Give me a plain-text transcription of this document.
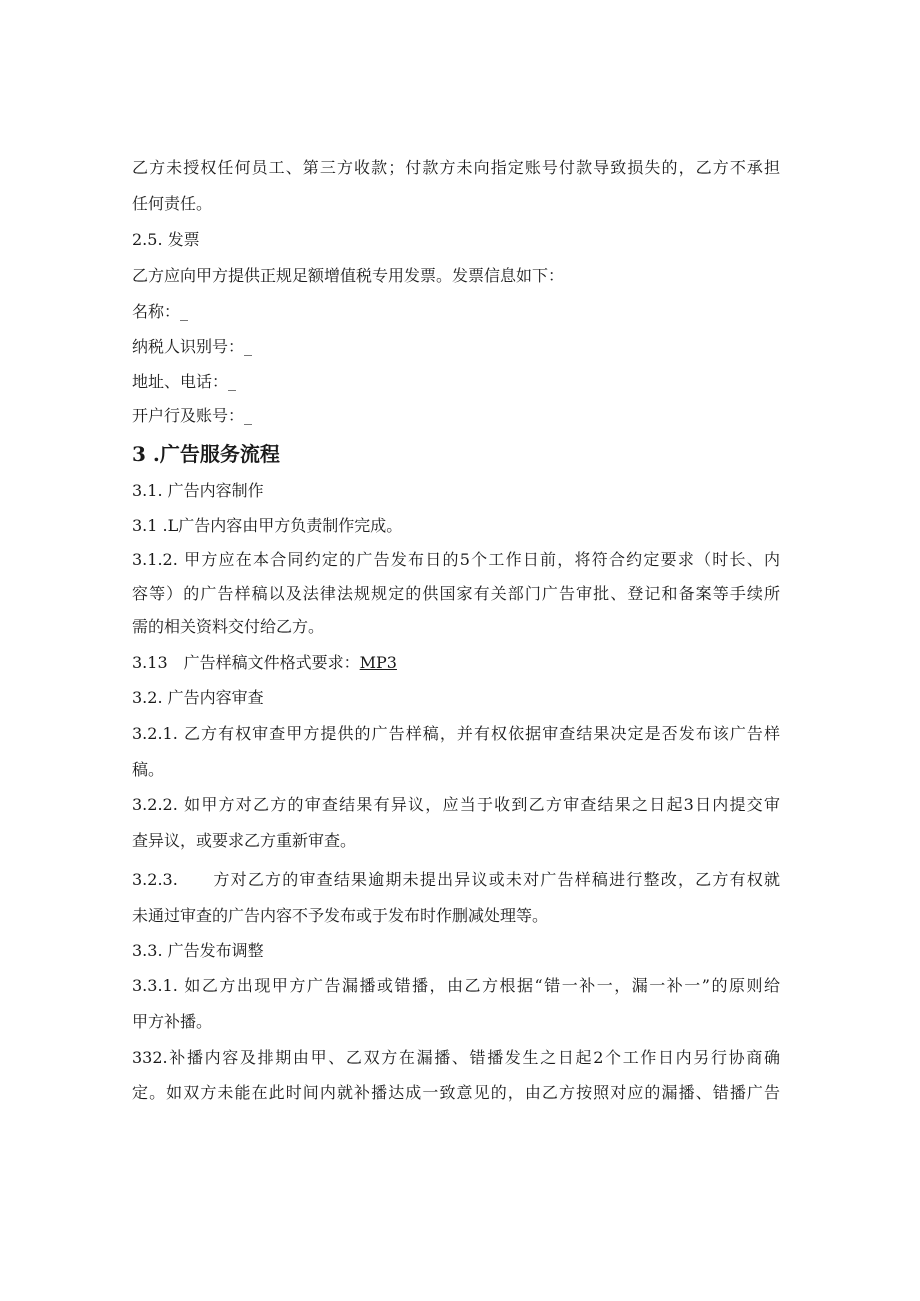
乙方未授权任何员工、第三方收款；付款方未向指定账号付款导致损失的，乙方不承担
任何责任。
2.5. 发票
乙方应向甲方提供正规足额增值税专用发票。发票信息如下：
名称：_
纳税人识别号：_
地址、电话：_
开户行及账号：_
3 .广告服务流程
3.1. 广告内容制作
3.1 .L广告内容由甲方负责制作完成。
3.1.2. 甲方应在本合同约定的广告发布日的5个工作日前，将符合约定要求（时长、内
容等）的广告样稿以及法律法规规定的供国家有关部门广告审批、登记和备案等手续所
需的相关资料交付给乙方。
3.13　广告样稿文件格式要求：MP3
3.2. 广告内容审查
3.2.1. 乙方有权审查甲方提供的广告样稿，并有权依据审查结果决定是否发布该广告样
稿。
3.2.2. 如甲方对乙方的审查结果有异议，应当于收到乙方审查结果之日起3日内提交审
查异议，或要求乙方重新审查。
3.2.3.　　方对乙方的审查结果逾期未提出异议或未对广告样稿进行整改，乙方有权就
未通过审查的广告内容不予发布或于发布时作删减处理等。
3.3. 广告发布调整
3.3.1. 如乙方出现甲方广告漏播或错播，由乙方根据“错一补一，漏一补一”的原则给
甲方补播。
332.补播内容及排期由甲、乙双方在漏播、错播发生之日起2个工作日内另行协商确
定。如双方未能在此时间内就补播达成一致意见的，由乙方按照对应的漏播、错播广告
